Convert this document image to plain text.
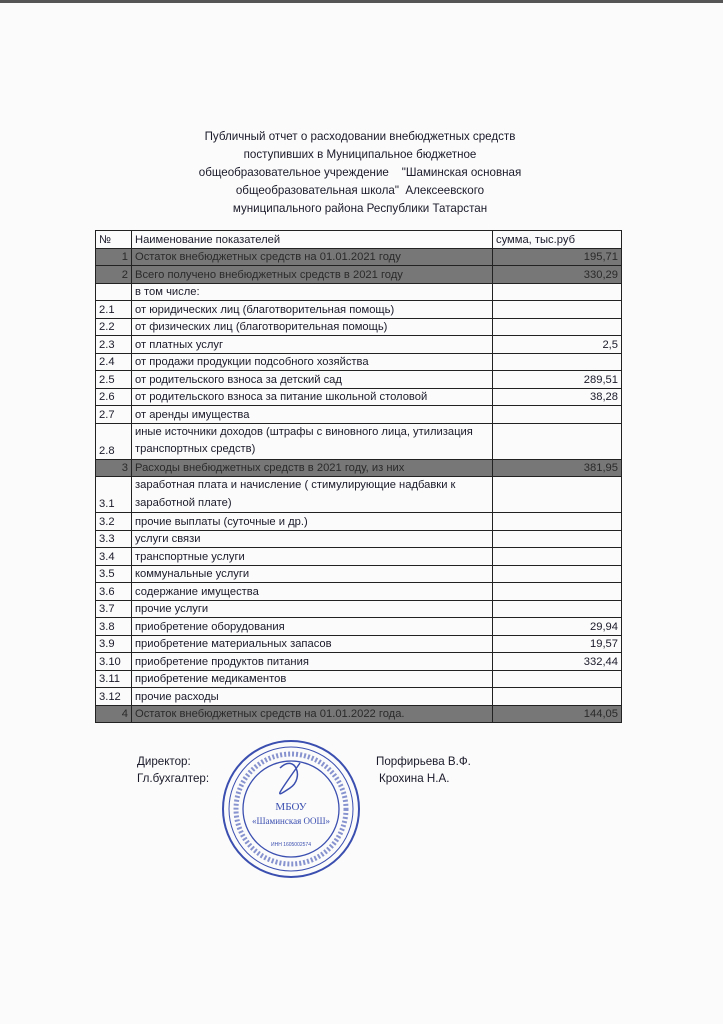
Публичный отчет о расходовании внебюджетных средств
поступивших в Муниципальное бюджетное
общеобразовательное учреждение    "Шаминская основная
общеобразовательная школа"  Алексеевского
муниципального района Республики Татарстан
№	Наименование показателей	сумма, тыс.руб
1	Остаток внебюджетных средств на 01.01.2021 году	195,71
2	Всего получено внебюджетных средств в 2021 году	330,29
	в том числе:	
2.1	от юридических лиц (благотворительная помощь)	
2.2	от физических лиц (благотворительная помощь)	
2.3	от платных услуг	2,5
2.4	от продажи продукции подсобного хозяйства	
2.5	от родительского взноса за детский сад	289,51
2.6	от родительского взноса за питание школьной столовой	38,28
2.7	от аренды имущества	
2.8	иные источники доходов (штрафы с виновного лица, утилизация транспортных средств)	
3	Расходы внебюджетных средств в 2021 году, из них	381,95
3.1	заработная плата и начисление ( стимулирующие надбавки к заработной плате)	
3.2	прочие выплаты (суточные и др.)	
3.3	услуги связи	
3.4	транспортные услуги	
3.5	коммунальные услуги	
3.6	содержание имущества	
3.7	прочие услуги	
3.8	приобретение оборудования	29,94
3.9	приобретение материальных запасов	19,57
3.10	приобретение продуктов питания	332,44
3.11	приобретение медикаментов	
3.12	прочие расходы	
4	Остаток внебюджетных средств на 01.01.2022 года.	144,05
Директор:
Гл.бухгалтер:
Порфирьева В.Ф.
Крохина Н.А.
МБОУ
«Шаминская ООШ»
ИНН 1605002574
